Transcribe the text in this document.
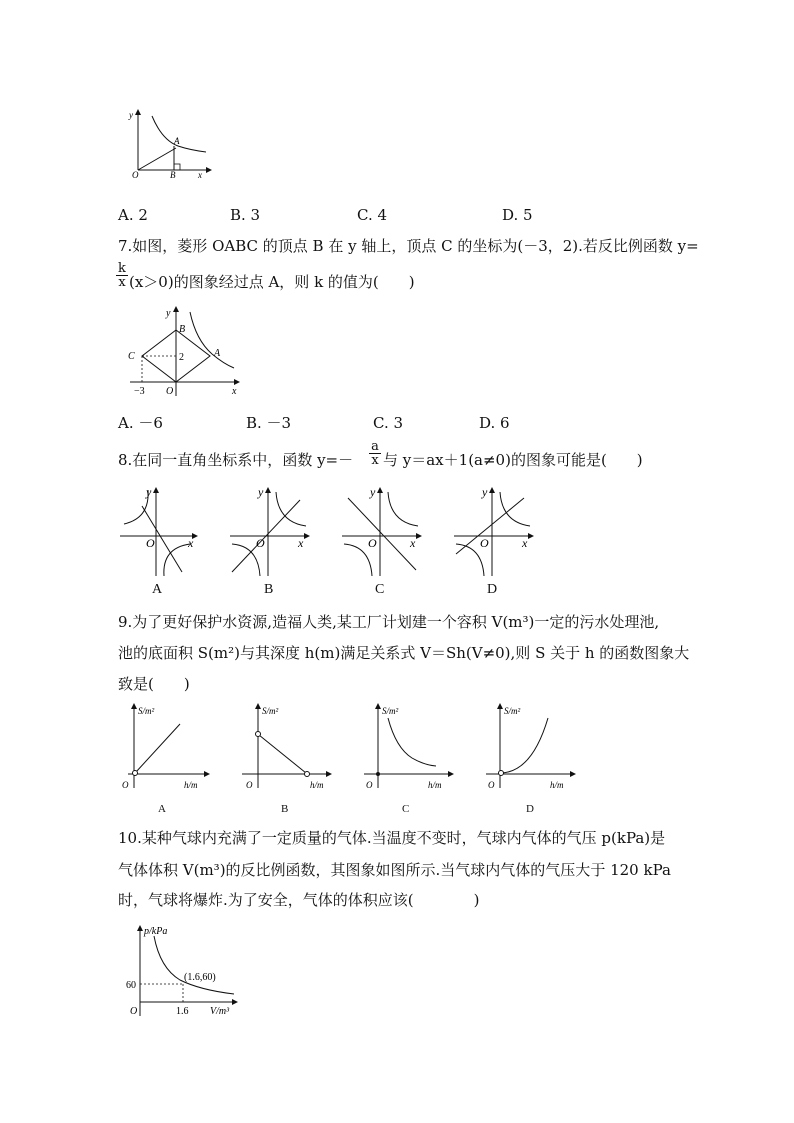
y
A
O	B	x
A. 2	B. 3	C. 4	D. 5
7.如图，菱形 OABC 的顶点 B 在 y 轴上，顶点 C 的坐标为(－3，2).若反比例函数 y=
$\frac{k}{x} (x>0)$的图象经过点 A，则 k 的值为(　　)
y
B
C	A
2
−3 O	x
A. －6	B. －3	C. 3	D. 6
8.在同一直角坐标系中，函数 $y=- \frac{a}{x}$ 与 y＝ax＋1(a≠0)的图象可能是(　　)
y
O	x
y
O	x
y
O	x
y
O	x
A	B	C	D
9.为了更好保护水资源,造福人类,某工厂计划建一个容积 V(m³)一定的污水处理池,
池的底面积 S(m²)与其深度 h(m)满足关系式 V＝Sh(V≠0),则 S 关于 h 的函数图象大
致是(　　)
S/m²
O	h/m
S/m²
O	h/m
S/m²
O	h/m
S/m²
O	h/m
A	B	C	D
10.某种气球内充满了一定质量的气体.当温度不变时，气球内气体的气压 p(kPa)是
气体体积 V(m³)的反比例函数，其图象如图所示.当气球内气体的气压大于 120 kPa
时，气球将爆炸.为了安全，气体的体积应该(　　　　)
p/kPa
(1.6,60)
60
O	1.6 V/m³
